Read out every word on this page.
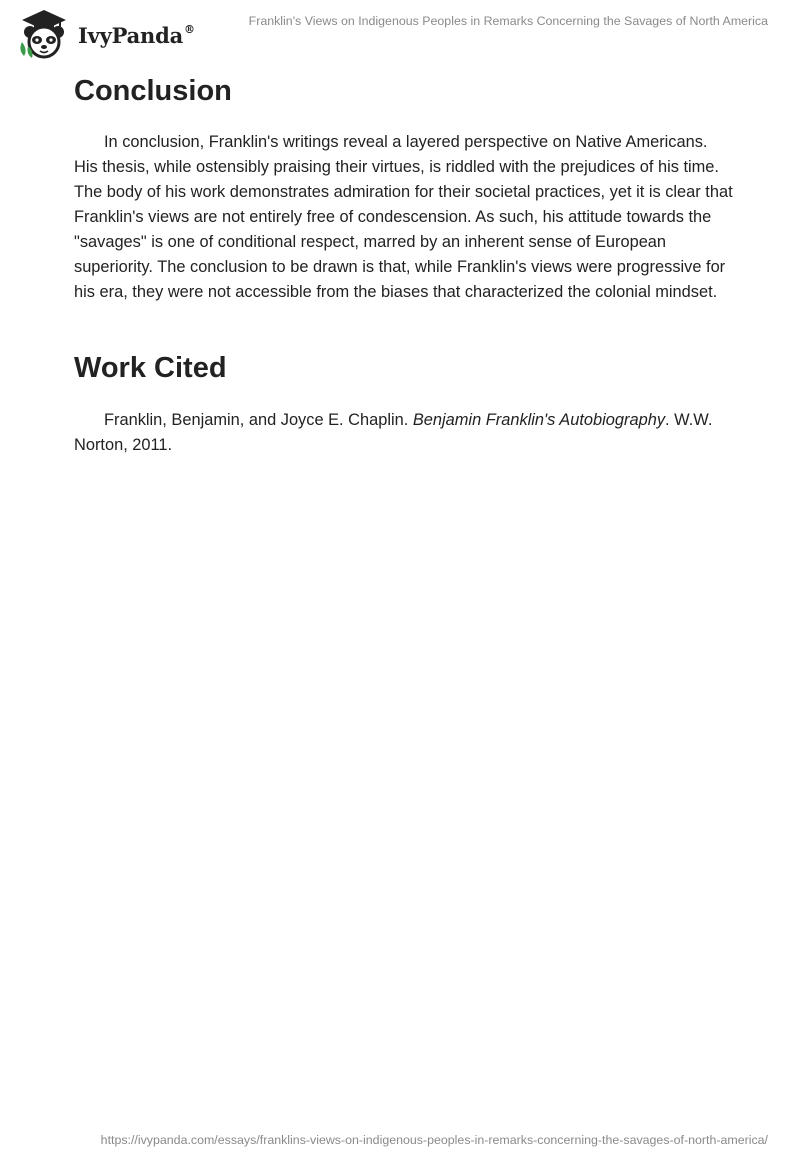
IvyPanda®
Franklin's Views on Indigenous Peoples in Remarks Concerning the Savages of North America
Conclusion

In conclusion, Franklin's writings reveal a layered perspective on Native Americans. His thesis, while ostensibly praising their virtues, is riddled with the prejudices of his time. The body of his work demonstrates admiration for their societal practices, yet it is clear that Franklin's views are not entirely free of condescension. As such, his attitude towards the "savages" is one of conditional respect, marred by an inherent sense of European superiority. The conclusion to be drawn is that, while Franklin's views were progressive for his era, they were not accessible from the biases that characterized the colonial mindset.

Work Cited

Franklin, Benjamin, and Joyce E. Chaplin. Benjamin Franklin's Autobiography. W.W. Norton, 2011.

https://ivypanda.com/essays/franklins-views-on-indigenous-peoples-in-remarks-concerning-the-savages-of-north-america/
